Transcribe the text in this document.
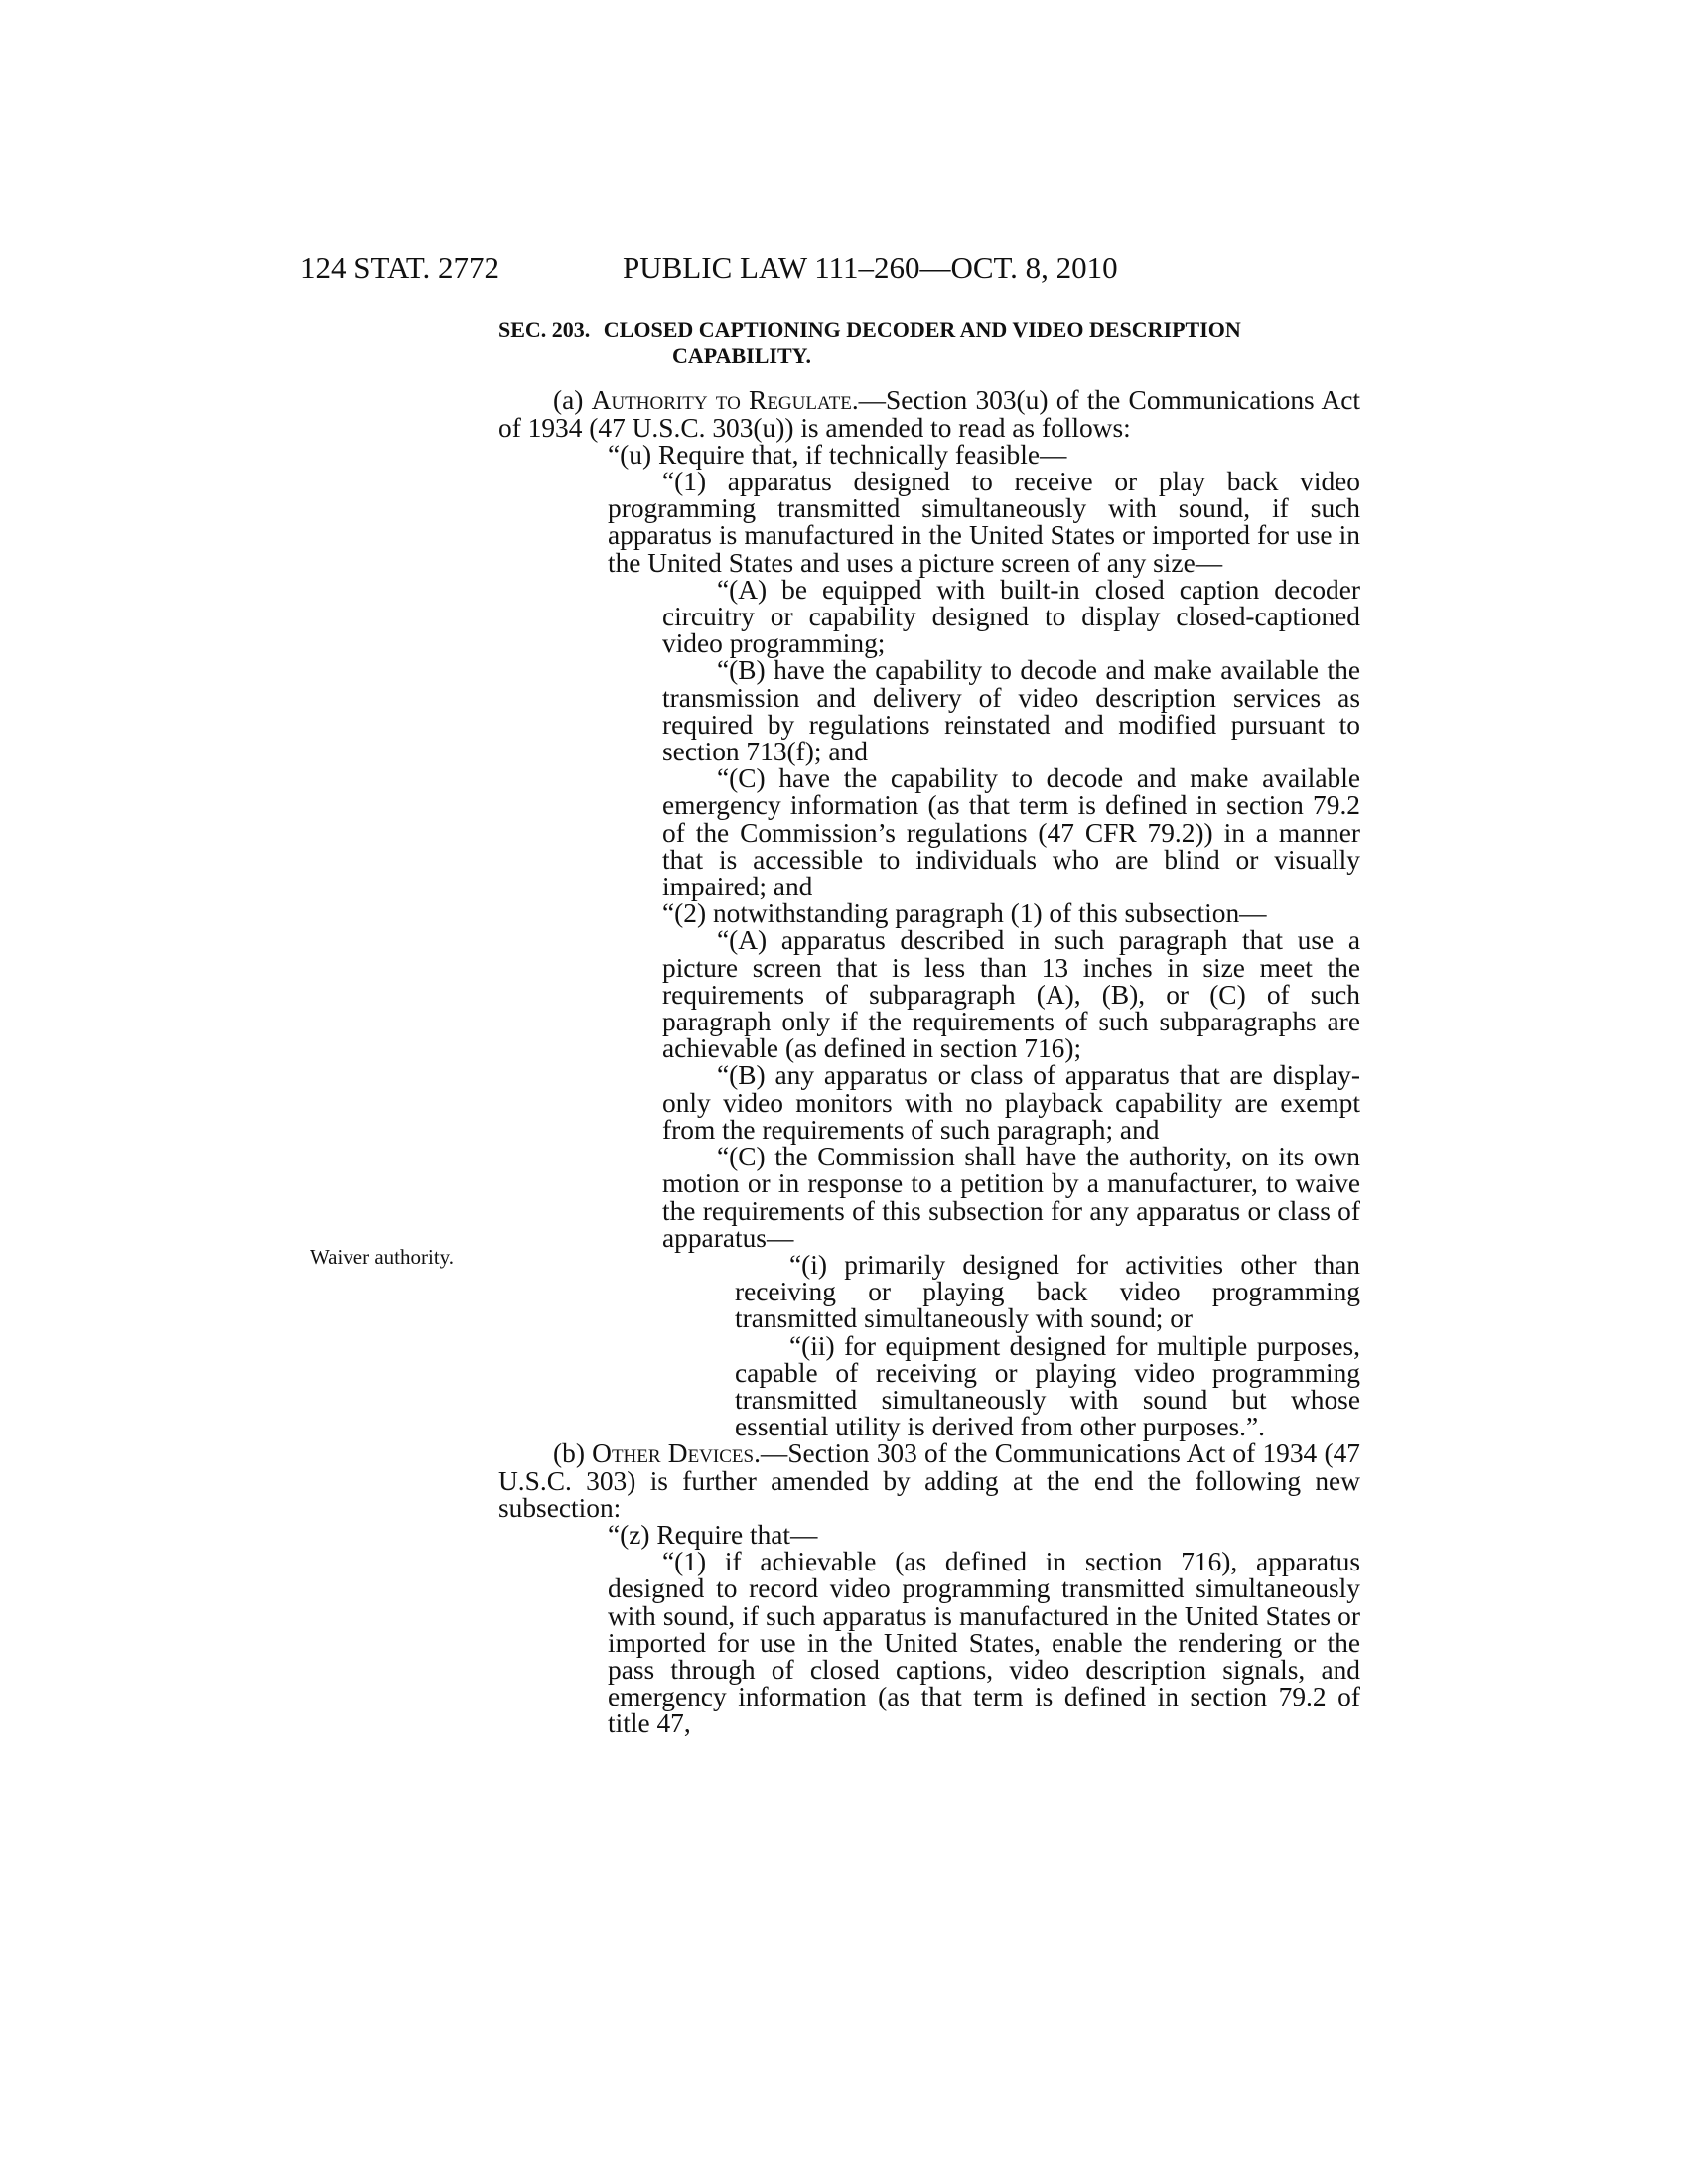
124 STAT. 2772	PUBLIC LAW 111–260—OCT. 8, 2010
Waiver authority.
SEC. 203. CLOSED CAPTIONING DECODER AND VIDEO DESCRIPTION
CAPABILITY.

(a) Authority to Regulate.—Section 303(u) of the Communications Act of 1934 (47 U.S.C. 303(u)) is amended to read as follows:

“(u) Require that, if technically feasible—

“(1) apparatus designed to receive or play back video programming transmitted simultaneously with sound, if such apparatus is manufactured in the United States or imported for use in the United States and uses a picture screen of any size—

“(A) be equipped with built-in closed caption decoder circuitry or capability designed to display closed-captioned video programming;

“(B) have the capability to decode and make available the transmission and delivery of video description services as required by regulations reinstated and modified pursuant to section 713(f); and

“(C) have the capability to decode and make available emergency information (as that term is defined in section 79.2 of the Commission’s regulations (47 CFR 79.2)) in a manner that is accessible to individuals who are blind or visually impaired; and

“(2) notwithstanding paragraph (1) of this subsection—

“(A) apparatus described in such paragraph that use a picture screen that is less than 13 inches in size meet the requirements of subparagraph (A), (B), or (C) of such paragraph only if the requirements of such subparagraphs are achievable (as defined in section 716);

“(B) any apparatus or class of apparatus that are display-only video monitors with no playback capability are exempt from the requirements of such paragraph; and

“(C) the Commission shall have the authority, on its own motion or in response to a petition by a manufacturer, to waive the requirements of this subsection for any apparatus or class of apparatus—

“(i) primarily designed for activities other than receiving or playing back video programming transmitted simultaneously with sound; or

“(ii) for equipment designed for multiple purposes, capable of receiving or playing video programming transmitted simultaneously with sound but whose essential utility is derived from other purposes.”.

(b) Other Devices.—Section 303 of the Communications Act of 1934 (47 U.S.C. 303) is further amended by adding at the end the following new subsection:

“(z) Require that—

“(1) if achievable (as defined in section 716), apparatus designed to record video programming transmitted simultaneously with sound, if such apparatus is manufactured in the United States or imported for use in the United States, enable the rendering or the pass through of closed captions, video description signals, and emergency information (as that term is defined in section 79.2 of title 47,
